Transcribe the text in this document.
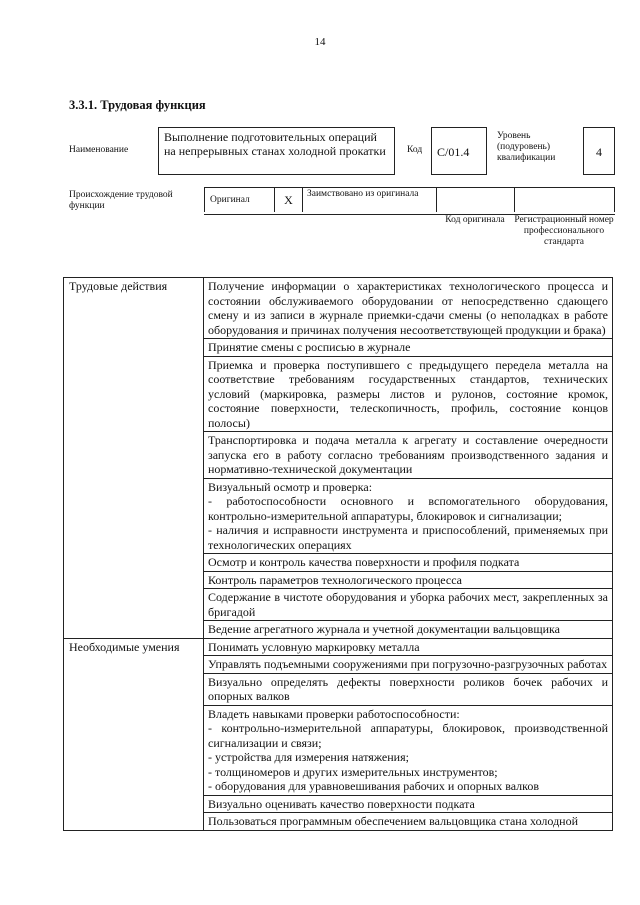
14
3.3.1. Трудовая функция
Наименование
Выполнение подготовительных операций на непрерывных станах холодной прокатки	Код	С/01.4
Уровень (подуровень) квалификации	4
Происхождение трудовой функции
Оригинал	X	Заимствовано из оригинала
Код оригинала	Регистрационный номер профессионального стандарта
Трудовые действия	Получение информации о характеристиках технологического процесса и состоянии обслуживаемого оборудовании от непосредственно сдающего смену и из записи в журнале приемки-сдачи смены (о неполадках в работе оборудования и причинах получения несоответствующей продукции и брака)

	Принятие смены с росписью в журнале

	Приемка и проверка поступившего с предыдущего передела металла на соответствие требованиям государственных стандартов, технических условий (маркировка, размеры листов и рулонов, состояние кромок, состояние поверхности, телескопичность, профиль, состояние концов полосы)

	Транспортировка и подача металла к агрегату и составление очередности запуска его в работу согласно требованиям производственного задания и нормативно-технической документации

	Визуальный осмотр и проверка:
- работоспособности основного и вспомогательного оборудования, контрольно-измерительной аппаратуры, блокировок и сигнализации;
- наличия и исправности инструмента и приспособлений, применяемых при технологических операциях

	Осмотр и контроль качества поверхности и профиля подката

	Контроль параметров технологического процесса

	Содержание в чистоте оборудования и уборка рабочих мест, закрепленных за бригадой

	Ведение агрегатного журнала и учетной документации вальцовщика

Необходимые умения	Понимать условную маркировку металла

	Управлять подъемными сооружениями при погрузочно-разгрузочных работах

	Визуально определять дефекты поверхности роликов бочек рабочих и опорных валков

	Владеть навыками проверки работоспособности:
- контрольно-измерительной аппаратуры, блокировок, производственной сигнализации и связи;
- устройства для измерения натяжения;
- толщиномеров и других измерительных инструментов;
- оборудования для уравновешивания рабочих и опорных валков

	Визуально оценивать качество поверхности подката

	Пользоваться программным обеспечением вальцовщика стана холодной
